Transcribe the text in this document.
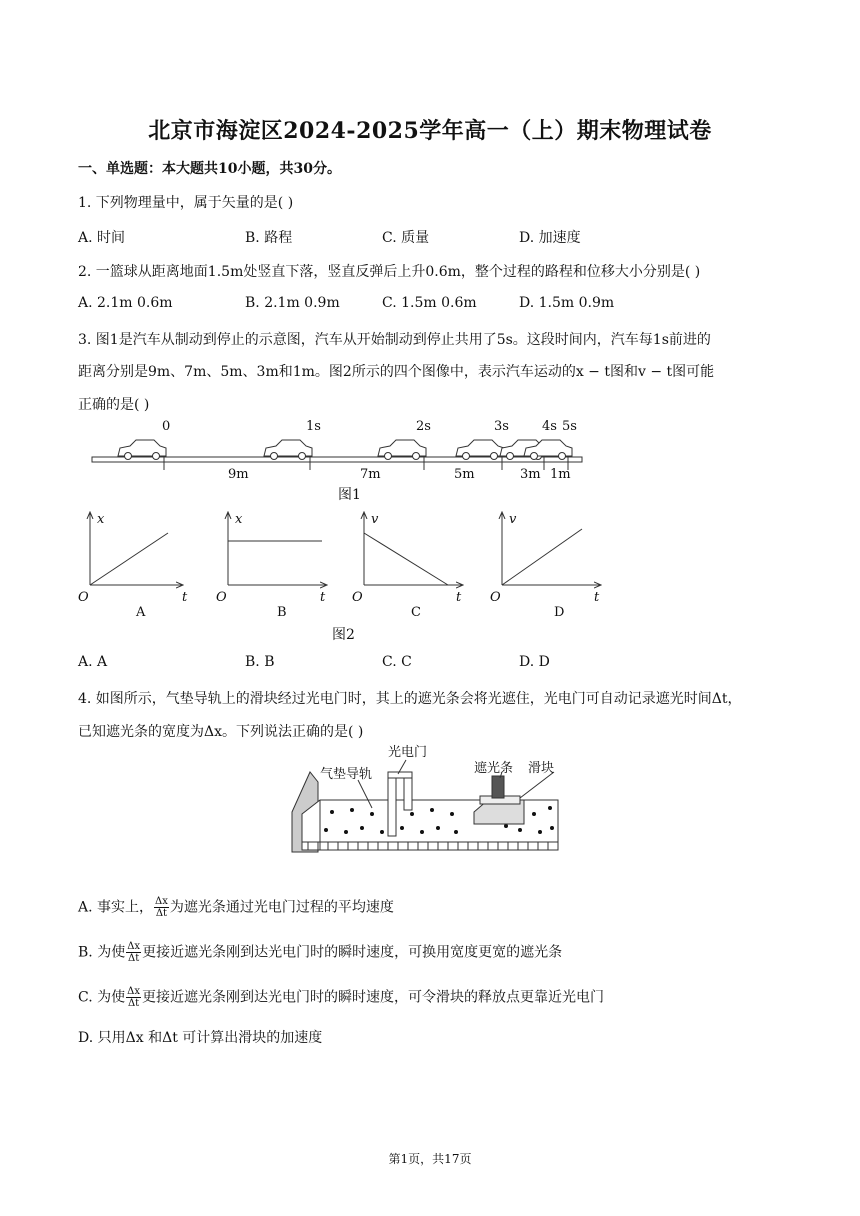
北京市海淀区2024-2025学年高一（上）期末物理试卷
一、单选题：本大题共10小题，共30分。
1. 下列物理量中，属于矢量的是( )
A. 时间	B. 路程	C. 质量	D. 加速度
2. 一篮球从距离地面1.5m处竖直下落，竖直反弹后上升0.6m，整个过程的路程和位移大小分别是( )
A. 2.1m 0.6m	B. 2.1m 0.9m	C. 1.5m 0.6m	D. 1.5m 0.9m
3. 图1是汽车从制动到停止的示意图，汽车从开始制动到停止共用了5s。这段时间内，汽车每1s前进的
距离分别是9m、7m、5m、3m和1m。图2所示的四个图像中，表示汽车运动的x − t图和v − t图可能
正确的是( )
0	1s	2s	3s	4s 5s
9m	7m	5m	3m 1m
图1
x
t
O
x
t
O
v
t
O
v
t
O
A	B	C	D
图2
A. A	B. B	C. C	D. D
4. 如图所示，气垫导轨上的滑块经过光电门时，其上的遮光条会将光遮住，光电门可自动记录遮光时间Δt，
已知遮光条的宽度为Δx。下列说法正确的是( )
光电门
气垫导轨	遮光条 滑块
A. 事实上， $\frac{\Delta x}{\Delta t}$ 为遮光条通过光电门过程的平均速度
B. 为使 $\frac{\Delta x}{\Delta t}$ 更接近遮光条刚到达光电门时的瞬时速度，可换用宽度更宽的遮光条
C. 为使 $\frac{\Delta x}{\Delta t}$ 更接近遮光条刚到达光电门时的瞬时速度，可令滑块的释放点更靠近光电门
D. 只用Δx 和Δt 可计算出滑块的加速度
第1页，共17页
